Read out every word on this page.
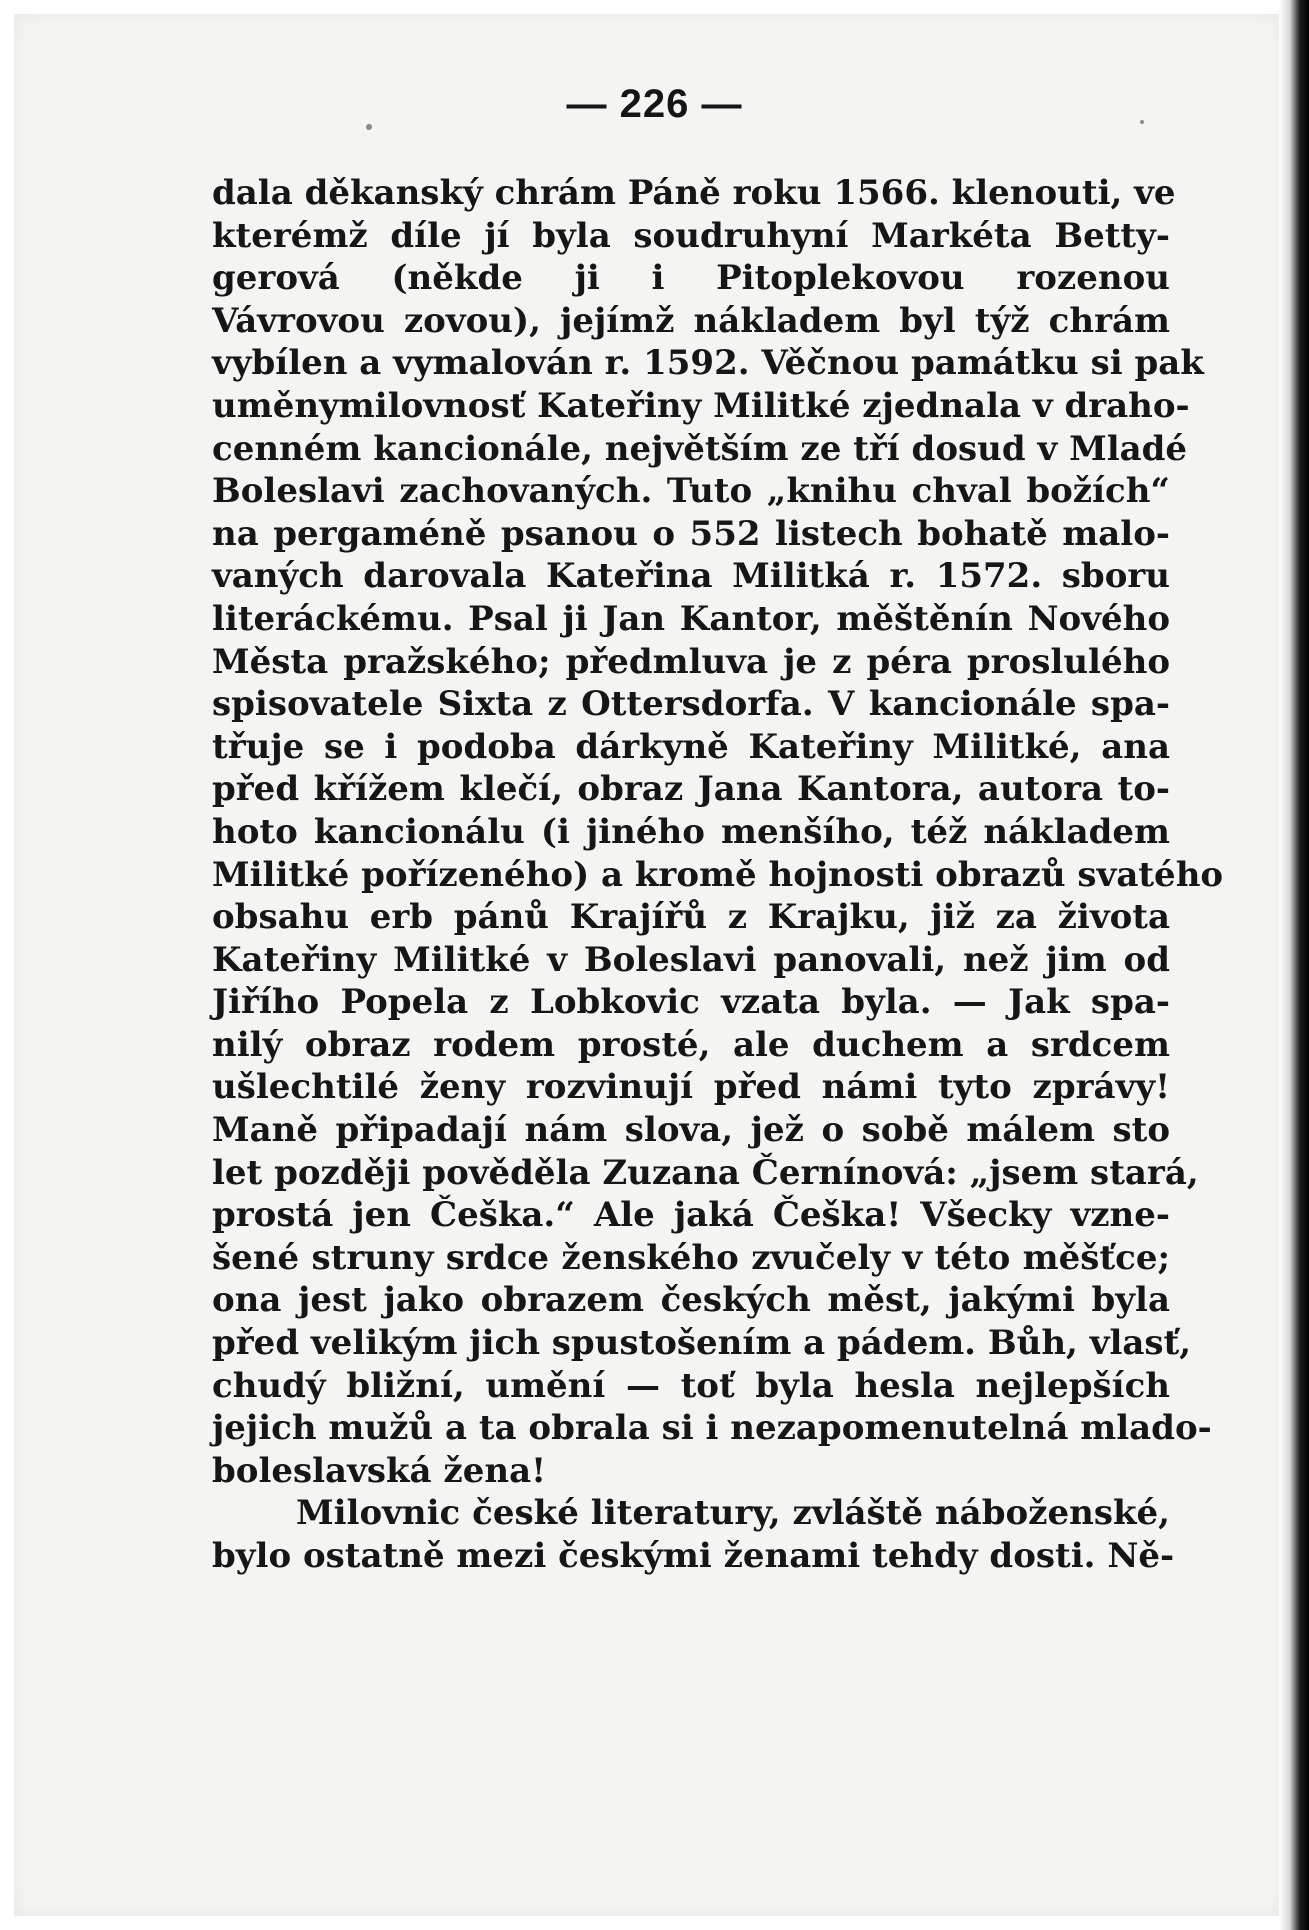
— 226 —
dala děkanský chrám Páně roku 1566. klenouti, ve
kterémž díle jí byla soudruhyní Markéta Betty-
gerová (někde ji i Pitoplekovou rozenou
Vávrovou zovou), jejímž nákladem byl týž chrám
vybílen a vymalován r. 1592. Věčnou památku si pak
uměnymilovnosť Kateřiny Militké zjednala v draho-
cenném kancionále, největším ze tří dosud v Mladé
Boleslavi zachovaných. Tuto „knihu chval božích“
na pergaméně psanou o 552 listech bohatě malo-
vaných darovala Kateřina Militká r. 1572. sboru
literáckému. Psal ji Jan Kantor, měštěnín Nového
Města pražského; předmluva je z péra proslulého
spisovatele Sixta z Ottersdorfa. V kancionále spa-
třuje se i podoba dárkyně Kateřiny Militké, ana
před křížem klečí, obraz Jana Kantora, autora to-
hoto kancionálu (i jiného menšího, též nákladem
Militké pořízeného) a kromě hojnosti obrazů svatého
obsahu erb pánů Krajířů z Krajku, již za života
Kateřiny Militké v Boleslavi panovali, než jim od
Jiřího Popela z Lobkovic vzata byla. — Jak spa-
nilý obraz rodem prosté, ale duchem a srdcem
ušlechtilé ženy rozvinují před námi tyto zprávy!
Maně připadají nám slova, jež o sobě málem sto
let později pověděla Zuzana Černínová: „jsem stará,
prostá jen Češka.“ Ale jaká Češka! Všecky vzne-
šené struny srdce ženského zvučely v této měšťce;
ona jest jako obrazem českých měst, jakými byla
před velikým jich spustošením a pádem. Bůh, vlasť,
chudý bližní, umění — toť byla hesla nejlepších
jejich mužů a ta obrala si i nezapomenutelná mlado-
boleslavská žena!
Milovnic české literatury, zvláště náboženské,
bylo ostatně mezi českými ženami tehdy dosti. Ně-
